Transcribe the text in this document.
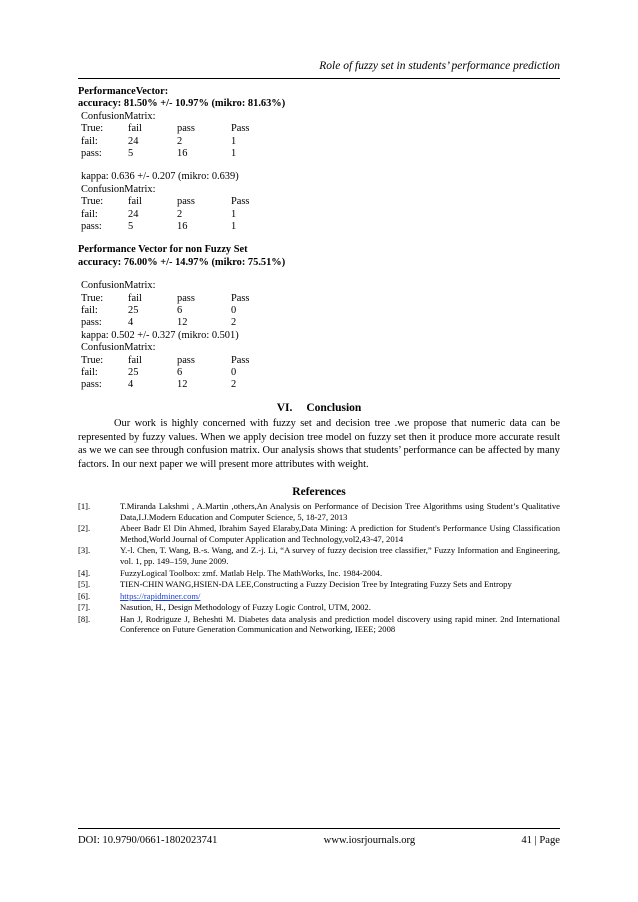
Role of fuzzy set in students’ performance prediction
PerformanceVector:
accuracy: 81.50% +/- 10.97% (mikro: 81.63%)
ConfusionMatrix:
True:	fail	pass	Pass
fail:	24	2	1
pass:	5	16	1
kappa: 0.636 +/- 0.207 (mikro: 0.639)
ConfusionMatrix:
True:	fail	pass	Pass
fail:	24	2	1
pass:	5	16	1
Performance Vector for non Fuzzy Set
accuracy: 76.00% +/- 14.97% (mikro: 75.51%)
ConfusionMatrix:
True:	fail	pass	Pass
fail:	25	6	0
pass:	4	12	2
kappa: 0.502 +/- 0.327 (mikro: 0.501)
ConfusionMatrix:
True:	fail	pass	Pass
fail:	25	6	0
pass:	4	12	2
VI. Conclusion

Our work is highly concerned with fuzzy set and decision tree .we propose that numeric data can be represented by fuzzy values. When we apply decision tree model on fuzzy set then it produce more accurate result as we we can see through confusion matrix. Our analysis shows that students’ performance can be affected by many factors. In our next paper we will present more attributes with weight.

References
[1].	T.Miranda Lakshmi , A.Martin ,others,An Analysis on Performance of Decision Tree Algorithms using Student’s Qualitative Data,I.J.Modern Education and Computer Science, 5, 18-27, 2013
[2].	Abeer Badr El Din Ahmed, Ibrahim Sayed Elaraby,Data Mining: A prediction for Student's Performance Using Classification Method,World Journal of Computer Application and Technology,vol2,43-47, 2014
[3].	Y.-l. Chen, T. Wang, B.-s. Wang, and Z.-j. Li, “A survey of fuzzy decision tree classifier,” Fuzzy Information and Engineering, vol. 1, pp. 149–159, June 2009.
[4].	FuzzyLogical Toolbox: zmf. Matlab Help. The MathWorks, Inc. 1984-2004.
[5].	TIEN-CHIN WANG,HSIEN-DA LEE,Constructing a Fuzzy Decision Tree by Integrating Fuzzy Sets and Entropy
[6].	https://rapidminer.com/
[7].	Nasution, H., Design Methodology of Fuzzy Logic Control, UTM, 2002.
[8].	Han J, Rodriguze J, Beheshti M. Diabetes data analysis and prediction model discovery using rapid miner. 2nd International Conference on Future Generation Communication and Networking, IEEE; 2008
DOI: 10.9790/0661-1802023741	www.iosrjournals.org	41 | Page
